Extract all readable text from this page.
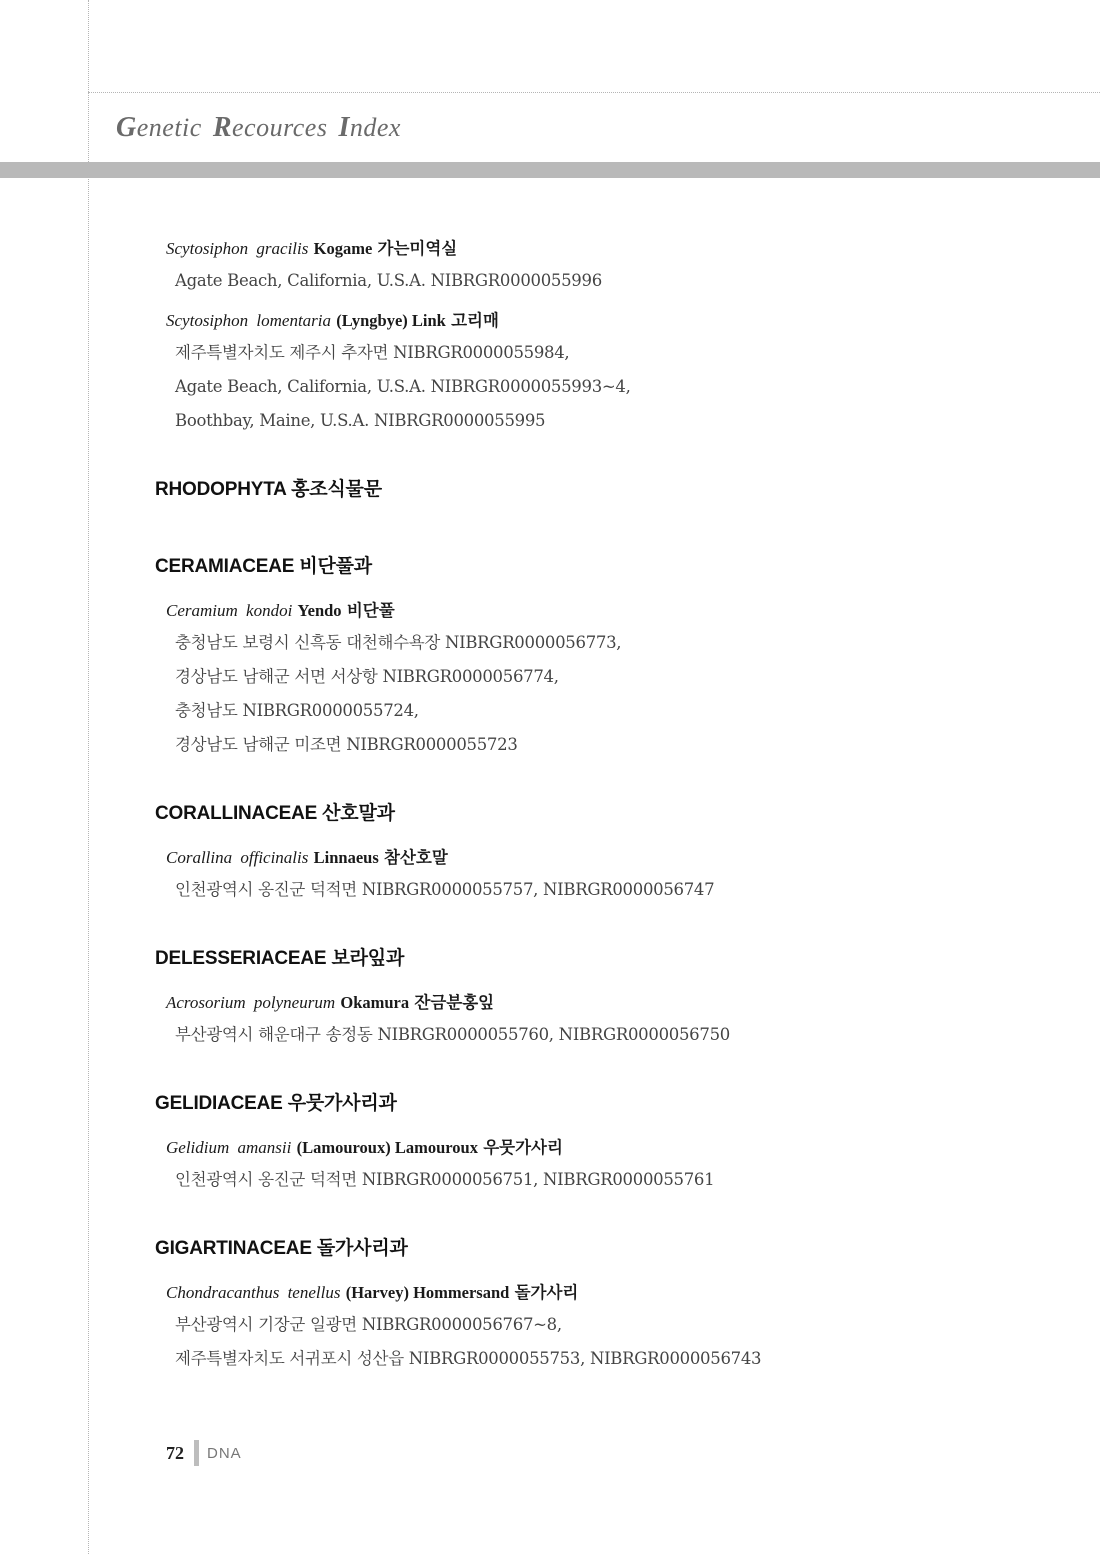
Genetic Recources Index
Scytosiphon gracilis Kogame 가는미역실
Agate Beach, California, U.S.A. NIBRGR0000055996
Scytosiphon lomentaria (Lyngbye) Link 고리매
제주특별자치도 제주시 추자면 NIBRGR0000055984,
Agate Beach, California, U.S.A. NIBRGR0000055993~4,
Boothbay, Maine, U.S.A. NIBRGR0000055995
RHODOPHYTA 홍조식물문
CERAMIACEAE 비단풀과
Ceramium kondoi Yendo 비단풀
충청남도 보령시 신흑동 대천해수욕장 NIBRGR0000056773,
경상남도 남해군 서면 서상항 NIBRGR0000056774,
충청남도 NIBRGR0000055724,
경상남도 남해군 미조면 NIBRGR0000055723
CORALLINACEAE 산호말과
Corallina officinalis Linnaeus 참산호말
인천광역시 옹진군 덕적면 NIBRGR0000055757, NIBRGR0000056747
DELESSERIACEAE 보라잎과
Acrosorium polyneurum Okamura 잔금분홍잎
부산광역시 해운대구 송정동 NIBRGR0000055760, NIBRGR0000056750
GELIDIACEAE 우뭇가사리과
Gelidium amansii (Lamouroux) Lamouroux 우뭇가사리
인천광역시 옹진군 덕적면 NIBRGR0000056751, NIBRGR0000055761
GIGARTINACEAE 돌가사리과
Chondracanthus tenellus (Harvey) Hommersand 돌가사리
부산광역시 기장군 일광면 NIBRGR0000056767~8,
제주특별자치도 서귀포시 성산읍 NIBRGR0000055753, NIBRGR0000056743
72 DNA
